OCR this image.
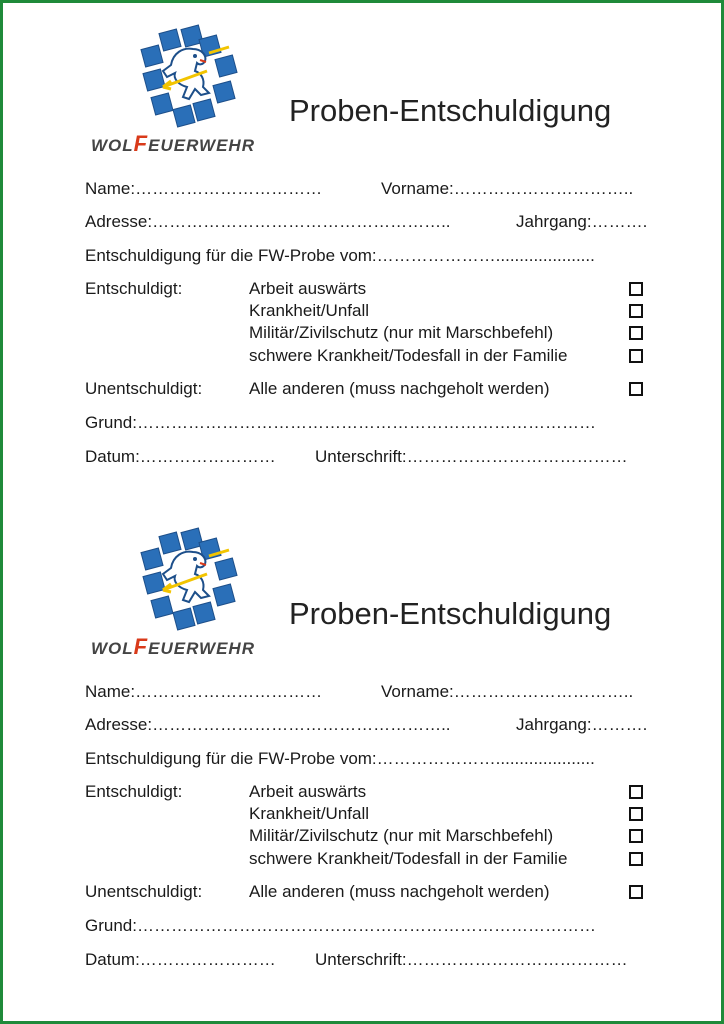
WOLFEUERWEHR
Proben-Entschuldigung
Name:……………………………	Vorname:…………………………..
Adresse:……………………………………………..	Jahrgang:……….
Entschuldigung für die FW-Probe vom:………………….....................
Entschuldigt:	Arbeit auswärts
Krankheit/Unfall
Militär/Zivilschutz (nur mit Marschbefehl)
schwere Krankheit/Todesfall in der Familie
Unentschuldigt:	Alle anderen (muss nachgeholt werden)
Grund:………………………………………………………………………
Datum:…………………… Unterschrift:…………………………………
WOLFEUERWEHR
Proben-Entschuldigung
Name:……………………………	Vorname:…………………………..
Adresse:……………………………………………..	Jahrgang:……….
Entschuldigung für die FW-Probe vom:………………….....................
Entschuldigt:	Arbeit auswärts
Krankheit/Unfall
Militär/Zivilschutz (nur mit Marschbefehl)
schwere Krankheit/Todesfall in der Familie
Unentschuldigt:	Alle anderen (muss nachgeholt werden)
Grund:………………………………………………………………………
Datum:…………………… Unterschrift:…………………………………
